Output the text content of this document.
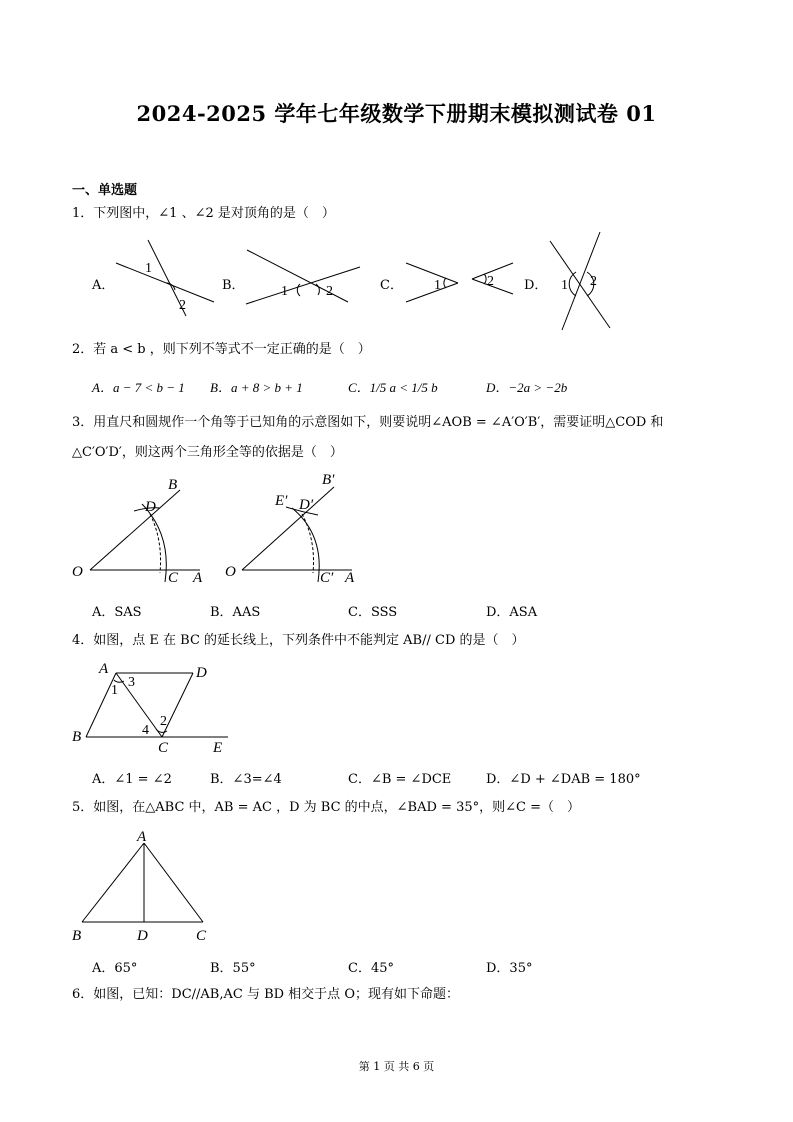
2024-2025 学年七年级数学下册期末模拟测试卷 01
一、单选题
1．下列图中，∠1 、∠2 是对顶角的是（　）
A．	B．	C．	D．
1
2
1	2	1	2	1 2
B
D
O	C A
B′
E′ D′
O	C′ A
A	D
1
3
2
4
B
C	E
A
B	D	C
2．若 a < b ，则下列不等式不一定正确的是（　）
A．a − 7 < b − 1 B．a + 8 > b + 1	C．1/5 a < 1/5 b	D．−2a > −2b
3．用直尺和圆规作一个角等于已知角的示意图如下，则要说明∠AOB = ∠A′O′B′，需要证明△COD 和
△C′O′D′，则这两个三角形全等的依据是（　）
A．SAS	B．AAS	C．SSS	D．ASA
4．如图，点 E 在 BC 的延长线上，下列条件中不能判定 AB// CD 的是（　）
A．∠1 = ∠2	B．∠3=∠4	C．∠B = ∠DCE	D．∠D + ∠DAB = 180°
5．如图，在△ABC 中，AB = AC ，D 为 BC 的中点，∠BAD = 35°，则∠C =（　）
A．65°	B．55°	C．45°	D．35°
6．如图，已知：DC//AB,AC 与 BD 相交于点 O；现有如下命题：
第 1 页 共 6 页
